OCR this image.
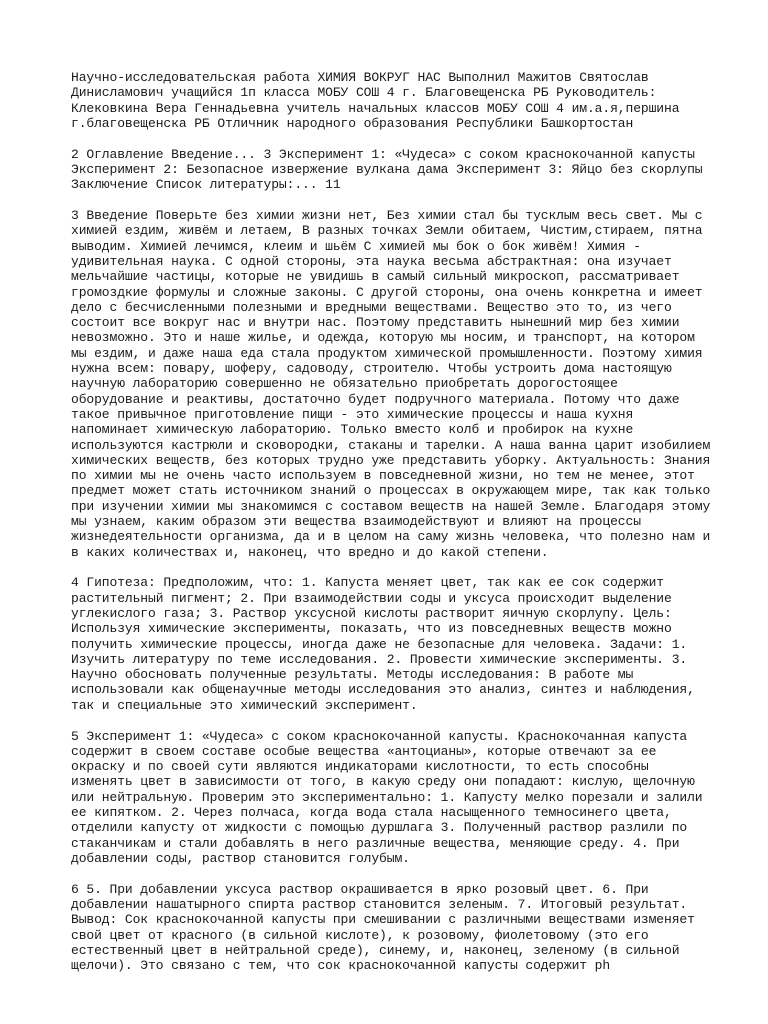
Научно-исследовательская работа ХИМИЯ ВОКРУГ НАС Выполнил Мажитов Святослав Динисламович учащийся 1п класса МОБУ СОШ 4 г. Благовещенска РБ Руководитель: Клековкина Вера Геннадьевна учитель начальных классов МОБУ СОШ 4 им.а.я,першина г.благовещенска РБ Отличник народного образования Республики Башкортостан

2 Оглавление Введение... 3 Эксперимент 1: «Чудеса» с соком краснокочанной капусты Эксперимент 2: Безопасное извержение вулкана дама Эксперимент 3: Яйцо без скорлупы Заключение Список литературы:... 11

3 Введение Поверьте без химии жизни нет, Без химии стал бы тусклым весь свет. Мы с химией ездим, живём и летаем, В разных точках Земли обитаем, Чистим,стираем, пятна выводим. Химией лечимся, клеим и шьём С химией мы бок о бок живём! Химия - удивительная наука. С одной стороны, эта наука весьма абстрактная: она изучает мельчайшие частицы, которые не увидишь в самый сильный микроскоп, рассматривает громоздкие формулы и сложные законы. С другой стороны, она очень конкретна и имеет дело с бесчисленными полезными и вредными веществами. Вещество это то, из чего состоит все вокруг нас и внутри нас. Поэтому представить нынешний мир без химии невозможно. Это и наше жилье, и одежда, которую мы носим, и транспорт, на котором мы ездим, и даже наша еда стала продуктом химической промышленности. Поэтому химия нужна всем: повару, шоферу, садоводу, строителю. Чтобы устроить дома настоящую научную лабораторию совершенно не обязательно приобретать дорогостоящее оборудование и реактивы, достаточно будет подручного материала. Потому что даже такое привычное приготовление пищи - это химические процессы и наша кухня напоминает химическую лабораторию. Только вместо колб и пробирок на кухне используются кастрюли и сковородки, стаканы и тарелки. А наша ванна царит изобилием химических веществ, без которых трудно уже представить уборку. Актуальность: Знания по химии мы не очень часто используем в повседневной жизни, но тем не менее, этот предмет может стать источником знаний о процессах в окружающем мире, так как только при изучении химии мы знакомимся с составом веществ на нашей Земле. Благодаря этому мы узнаем, каким образом эти вещества взаимодействуют и влияют на процессы жизнедеятельности организма, да и в целом на саму жизнь человека, что полезно нам и в каких количествах и, наконец, что вредно и до какой степени.

4 Гипотеза: Предположим, что: 1. Капуста меняет цвет, так как ее сок содержит растительный пигмент; 2. При взаимодействии соды и уксуса происходит выделение углекислого газа; 3. Раствор уксусной кислоты растворит яичную скорлупу. Цель: Используя химические эксперименты, показать, что из повседневных веществ можно получить химические процессы, иногда даже не безопасные для человека. Задачи: 1. Изучить литературу по теме исследования. 2. Провести химические эксперименты. 3. Научно обосновать полученные результаты. Методы исследования: В работе мы использовали как общенаучные методы исследования это анализ, синтез и наблюдения, так и специальные это химический эксперимент.

5 Эксперимент 1: «Чудеса» с соком краснокочанной капусты. Краснокочанная капуста содержит в своем составе особые вещества «антоцианы», которые отвечают за ее окраску и по своей сути являются индикаторами кислотности, то есть способны изменять цвет в зависимости от того, в какую среду они попадают: кислую, щелочную или нейтральную. Проверим это экспериментально: 1. Капусту мелко порезали и залили ее кипятком. 2. Через полчаса, когда вода стала насыщенного темносинего цвета, отделили капусту от жидкости с помощью дуршлага 3. Полученный раствор разлили по стаканчикам и стали добавлять в него различные вещества, меняющие среду. 4. При добавлении соды, раствор становится голубым.

6 5. При добавлении уксуса раствор окрашивается в ярко розовый цвет. 6. При добавлении нашатырного спирта раствор становится зеленым. 7. Итоговый результат. Вывод: Сок краснокочанной капусты при смешивании с различными веществами изменяет свой цвет от красного (в сильной кислоте), к розовому, фиолетовому (это его естественный цвет в нейтральной среде), синему, и, наконец, зеленому (в сильной щелочи). Это связано с тем, что сок краснокочанной капусты содержит ph
